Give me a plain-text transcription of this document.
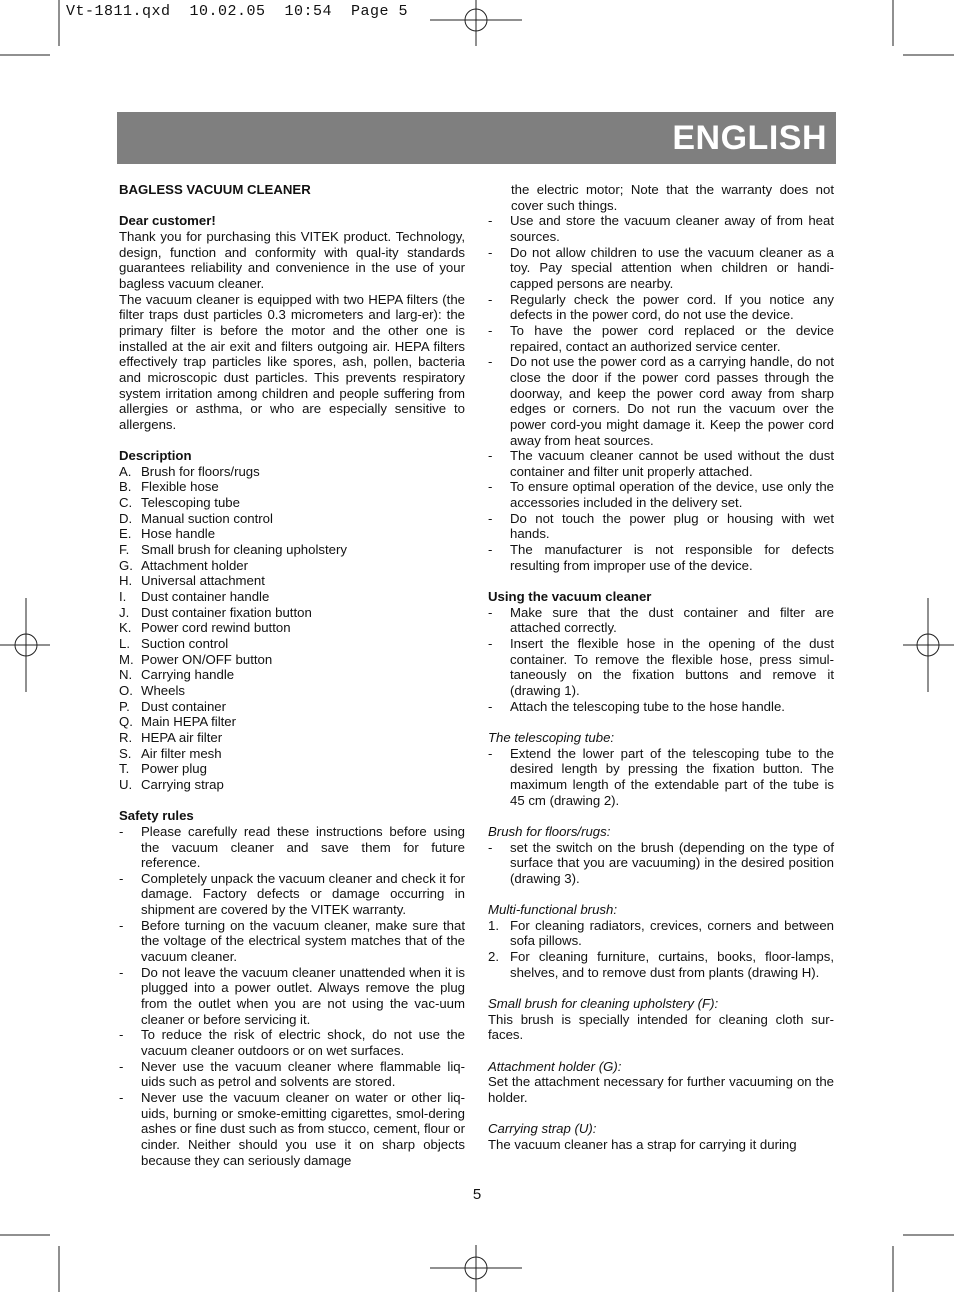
Vt-1811.qxd  10.02.05  10:54  Page 5
ENGLISH

BAGLESS VACUUM CLEANER

Dear customer!

Thank you for purchasing this VITEK product. Technology, design, function and conformity with qual-ity standards guarantees reliability and convenience in the use of your bagless vacuum cleaner.

The vacuum cleaner is equipped with two HEPA filters (the filter traps dust particles 0.3 micrometers and larg-er): the primary filter is before the motor and the other one is installed at the air exit and filters outgoing air. HEPA filters effectively trap particles like spores, ash, pollen, bacteria and microscopic dust particles. This prevents respiratory system irritation among children and people suffering from allergies or asthma, or who are especially sensitive to allergens.

Description

A. Brush for floors/rugs
B. Flexible hose
C. Telescoping tube
D. Manual suction control
E. Hose handle
F. Small brush for cleaning upholstery
G. Attachment holder
H. Universal attachment
I.	Dust container handle
J. Dust container fixation button
K. Power cord rewind button
L. Suction control
M. Power ON/OFF button
N. Carrying handle
O. Wheels
P. Dust container
Q. Main HEPA filter
R. HEPA air filter
S. Air filter mesh
T. Power plug
U. Carrying strap

Safety rules

-	Please carefully read these instructions before using the vacuum cleaner and save them for future reference.
-	Completely unpack the vacuum cleaner and check it for damage. Factory defects or damage occurring in shipment are covered by the VITEK warranty.
-	Before turning on the vacuum cleaner, make sure that the voltage of the electrical system matches that of the vacuum cleaner.
-	Do not leave the vacuum cleaner unattended when it is plugged into a power outlet. Always remove the plug from the outlet when you are not using the vac-uum cleaner or before servicing it.
-	To reduce the risk of electric shock, do not use the vacuum cleaner outdoors or on wet surfaces.
-	Never use the vacuum cleaner where flammable liq-uids such as petrol and solvents are stored.
-	Never use the vacuum cleaner on water or other liq-uids, burning or smoke-emitting cigarettes, smol-dering ashes or fine dust such as from stucco, cement, flour or cinder. Neither should you use it on sharp objects because they can seriously damage

the electric motor; Note that the warranty does not cover such things.

-	Use and store the vacuum cleaner away of from heat sources.
-	Do not allow children to use the vacuum cleaner as a toy. Pay special attention when children or handi-capped persons are nearby.
-	Regularly check the power cord. If you notice any defects in the power cord, do not use the device.
-	To have the power cord replaced or the device repaired, contact an authorized service center.
-	Do not use the power cord as a carrying handle, do not close the door if the power cord passes through the doorway, and keep the power cord away from sharp edges or corners. Do not run the vacuum over the power cord-you might damage it. Keep the power cord away from heat sources.
-	The vacuum cleaner cannot be used without the dust container and filter unit properly attached.
-	To ensure optimal operation of the device, use only the accessories included in the delivery set.
-	Do not touch the power plug or housing with wet hands.
-	The manufacturer is not responsible for defects resulting from improper use of the device.

Using the vacuum cleaner

-	Make sure that the dust container and filter are attached correctly.
-	Insert the flexible hose in the opening of the dust container. To remove the flexible hose, press simul-taneously on the fixation buttons and remove it (drawing 1).
-	Attach the telescoping tube to the hose handle.

The telescoping tube:

-	Extend the lower part of the telescoping tube to the desired length by pressing the fixation button. The maximum length of the extendable part of the tube is 45 cm (drawing 2).

Brush for floors/rugs:

-	set the switch on the brush (depending on the type of surface that you are vacuuming) in the desired position (drawing 3).

Multi-functional brush:

1. For cleaning radiators, crevices, corners and between sofa pillows.
2. For cleaning furniture, curtains, books, floor-lamps, shelves, and to remove dust from plants (drawing H).

Small brush for cleaning upholstery (F):

This brush is specially intended for cleaning cloth sur-faces.

Attachment holder (G):

Set the attachment necessary for further vacuuming on the holder.

Carrying strap (U):

The vacuum cleaner has a strap for carrying it during

5
